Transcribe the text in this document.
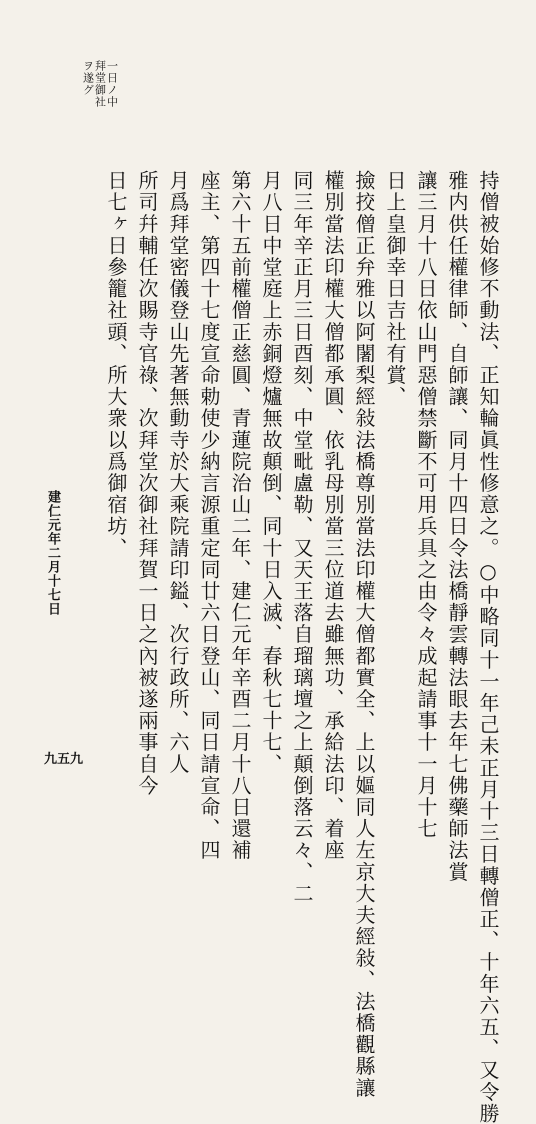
一日ノ中
拜堂御社
ヲ遂グ
持僧被始修不動法、正知輪眞性修意之。○中略同十一年己未正月十三日轉僧正、十年六五、又令勝
雅内供任權律師、自師讓、同月十四日令法橋靜雲轉法眼去年七佛藥師法賞
讓三月十八日依山門惡僧禁斷不可用兵具之由令々成起請事十一月十七
日上皇御幸日吉社有賞、
撿挍僧正弁雅以阿闍梨經敍法橋尊別當法印權大僧都實全、上以嫗同人左京大夫經敍、法橋觀縣讓
權別當法印權大僧都承圓、依乳母別當三位道去雖無功、承給法印、着座
同三年辛正月三日酉刻、中堂毗盧勒、又天王落自瑠璃壇之上顛倒落云々、二
月八日中堂庭上赤銅燈爐無故顛倒、同十日入滅、春秋七十七、
第六十五前權僧正慈圓、青蓮院治山二年、建仁元年辛酉二月十八日還補
座主、第四十七度宣命勅使少納言源重定同廿六日登山、同日請宣命、四
月爲拜堂密儀登山先著無動寺於大乘院請印鎰、次行政所、六人
所司幷輔任次賜寺官祿、次拜堂次御社拜賀一日之內被遂兩事自今
日七ヶ日參籠社頭、所大衆以爲御宿坊、
建仁元年二月十七日
九五九
